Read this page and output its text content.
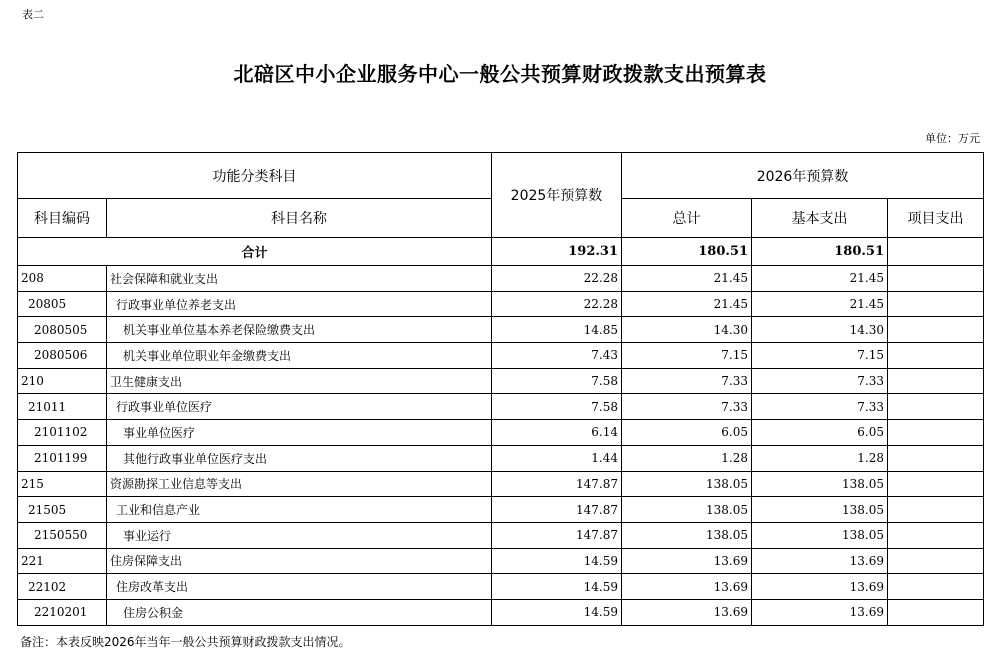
表二
北碚区中小企业服务中心一般公共预算财政拨款支出预算表
单位：万元
功能分类科目		2025年预算数	2026年预算数		
科目编码	科目名称		总计	基本支出	项目支出
合计		192.31	180.51	180.51	
208	社会保障和就业支出	22.28	21.45	21.45	
20805	行政事业单位养老支出	22.28	21.45	21.45	
2080505	机关事业单位基本养老保险缴费支出	14.85	14.30	14.30	
2080506	机关事业单位职业年金缴费支出	7.43	7.15	7.15	
210	卫生健康支出	7.58	7.33	7.33	
21011	行政事业单位医疗	7.58	7.33	7.33	
2101102	事业单位医疗	6.14	6.05	6.05	
2101199	其他行政事业单位医疗支出	1.44	1.28	1.28	
215	资源勘探工业信息等支出	147.87	138.05	138.05	
21505	工业和信息产业	147.87	138.05	138.05	
2150550	事业运行	147.87	138.05	138.05	
221	住房保障支出	14.59	13.69	13.69	
22102	住房改革支出	14.59	13.69	13.69	
2210201	住房公积金	14.59	13.69	13.69	
备注：本表反映2026年当年一般公共预算财政拨款支出情况。
